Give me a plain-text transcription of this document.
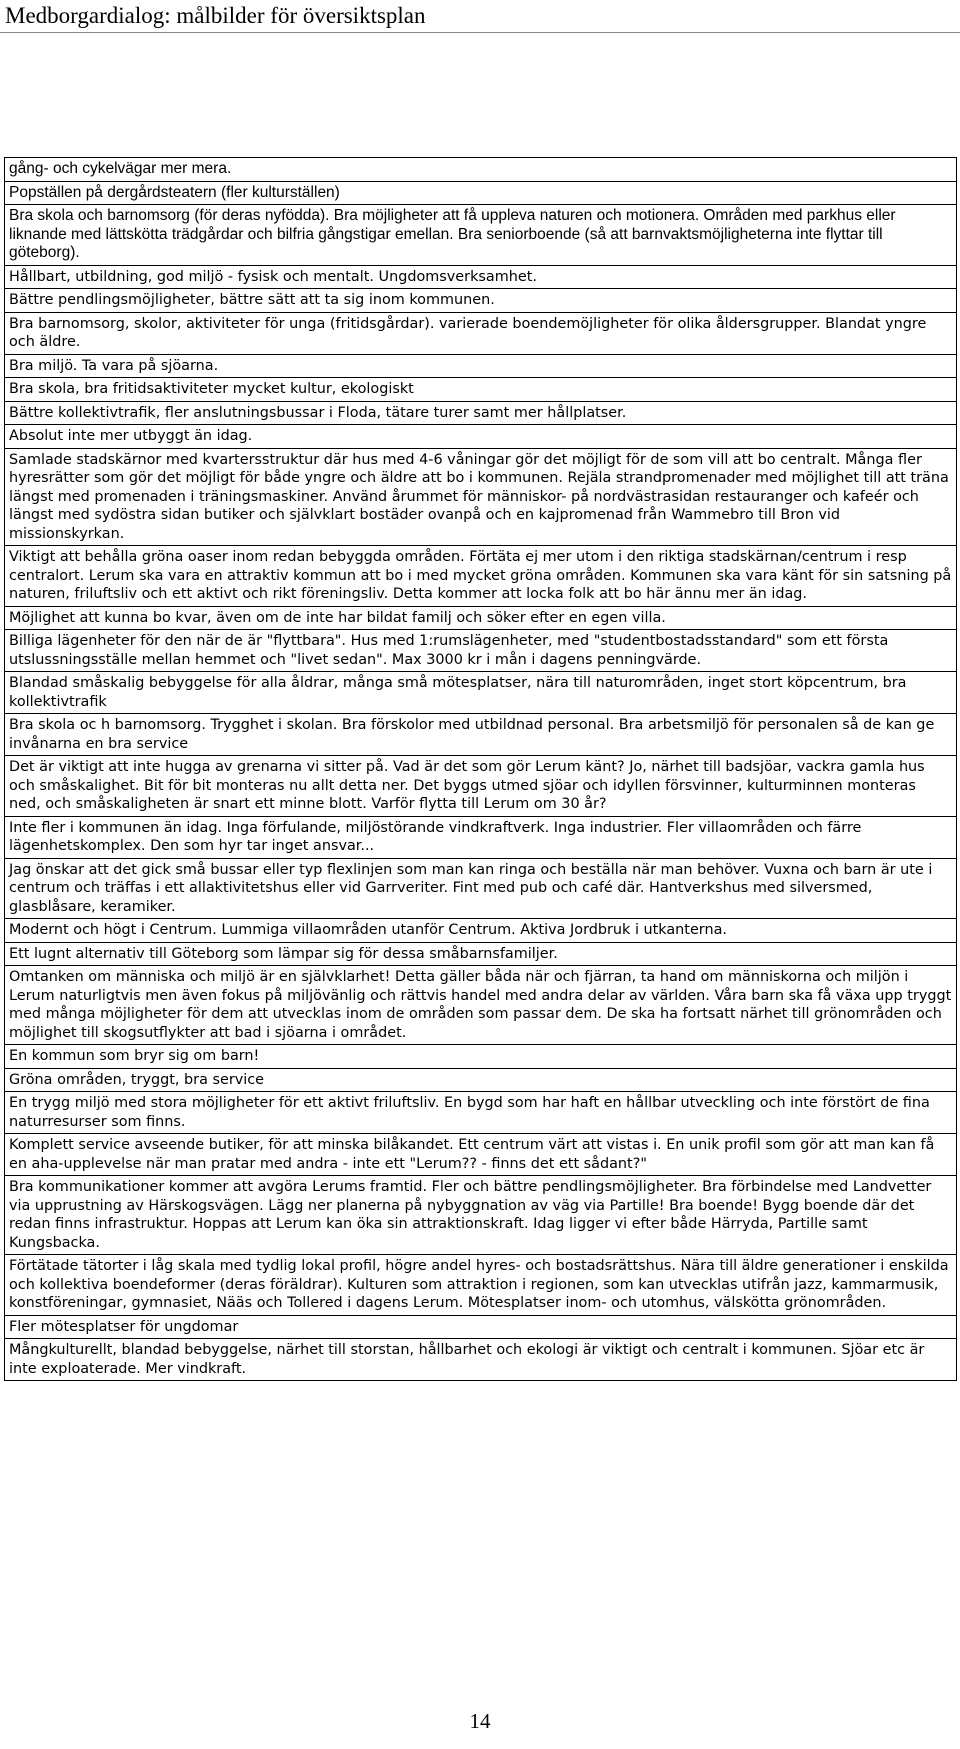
Medborgardialog: målbilder för översiktsplan
gång- och cykelvägar mer mera.
Popställen på dergårdsteatern (fler kulturställen)
Bra skola och barnomsorg (för deras nyfödda). Bra möjligheter att få uppleva naturen och motionera. Områden med parkhus eller liknande med lättskötta trädgårdar och bilfria gångstigar emellan. Bra seniorboende (så att barnvaktsmöjligheterna inte flyttar till göteborg).
Hållbart, utbildning, god miljö - fysisk och mentalt. Ungdomsverksamhet.
Bättre pendlingsmöjligheter, bättre sätt att ta sig inom kommunen.
Bra barnomsorg, skolor, aktiviteter för unga (fritidsgårdar). varierade boendemöjligheter för olika åldersgrupper. Blandat yngre och äldre.
Bra miljö. Ta vara på sjöarna.
Bra skola, bra fritidsaktiviteter mycket kultur, ekologiskt
Bättre kollektivtrafik, fler anslutningsbussar i Floda, tätare turer samt mer hållplatser.
Absolut inte mer utbyggt än idag.
Samlade stadskärnor med kvartersstruktur där hus med 4-6 våningar gör det möjligt för de som vill att bo centralt. Många fler hyresrätter som gör det möjligt för både yngre och äldre att bo i kommunen. Rejäla strandpromenader med möjlighet till att träna längst med promenaden i träningsmaskiner. Använd årummet för människor- på nordvästrasidan restauranger och kafeér och längst med sydöstra sidan butiker och självklart bostäder ovanpå och en kajpromenad från Wammebro till Bron vid missionskyrkan.
Viktigt att behålla gröna oaser inom redan bebyggda områden. Förtäta ej mer utom i den riktiga stadskärnan/centrum i resp centralort. Lerum ska vara en attraktiv kommun att bo i med mycket gröna områden. Kommunen ska vara känt för sin satsning på naturen, friluftsliv och ett aktivt och rikt föreningsliv. Detta kommer att locka folk att bo här ännu mer än idag.
Möjlighet att kunna bo kvar, även om de inte har bildat familj och söker efter en egen villa.
Billiga lägenheter för den när de är "flyttbara". Hus med 1:rumslägenheter, med "studentbostadsstandard" som ett första utslussningsställe mellan hemmet och "livet sedan". Max 3000 kr i mån i dagens penningvärde.
Blandad småskalig bebyggelse för alla åldrar, många små mötesplatser, nära till naturområden, inget stort köpcentrum, bra kollektivtrafik
Bra skola oc h barnomsorg. Trygghet i skolan. Bra förskolor med utbildnad personal. Bra arbetsmiljö för personalen så de kan ge invånarna en bra service
Det är viktigt att inte hugga av grenarna vi sitter på. Vad är det som gör Lerum känt? Jo, närhet till badsjöar, vackra gamla hus och småskalighet. Bit för bit monteras nu allt detta ner. Det byggs utmed sjöar och idyllen försvinner, kulturminnen monteras ned, och småskaligheten är snart ett minne blott. Varför flytta till Lerum om 30 år?
Inte fler i kommunen än idag. Inga förfulande, miljöstörande vindkraftverk. Inga industrier. Fler villaområden och färre lägenhetskomplex. Den som hyr tar inget ansvar...
Jag önskar att det gick små bussar eller typ flexlinjen som man kan ringa och beställa när man behöver. Vuxna och barn är ute i centrum och träffas i ett allaktivitetshus eller vid Garrveriter. Fint med pub och café där. Hantverkshus med silversmed, glasblåsare, keramiker.
Modernt och högt i Centrum. Lummiga villaområden utanför Centrum. Aktiva Jordbruk i utkanterna.
Ett lugnt alternativ till Göteborg som lämpar sig för dessa småbarnsfamiljer.
Omtanken om människa och miljö är en självklarhet! Detta gäller båda när och fjärran, ta hand om människorna och miljön i Lerum naturligtvis men även fokus på miljövänlig och rättvis handel med andra delar av världen. Våra barn ska få växa upp tryggt med många möjligheter för dem att utvecklas inom de områden som passar dem. De ska ha fortsatt närhet till grönområden och möjlighet till skogsutflykter att bad i sjöarna i området.
En kommun som bryr sig om barn!
Gröna områden, tryggt, bra service
En trygg miljö med stora möjligheter för ett aktivt friluftsliv. En bygd som har haft en hållbar utveckling och inte förstört de fina naturresurser som finns.
Komplett service avseende butiker, för att minska bilåkandet. Ett centrum värt att vistas i. En unik profil som gör att man kan få en aha-upplevelse när man pratar med andra - inte ett "Lerum?? - finns det ett sådant?"
Bra kommunikationer kommer att avgöra Lerums framtid. Fler och bättre pendlingsmöjligheter. Bra förbindelse med Landvetter via upprustning av Härskogsvägen. Lägg ner planerna på nybyggnation av väg via Partille! Bra boende! Bygg boende där det redan finns infrastruktur. Hoppas att Lerum kan öka sin attraktionskraft. Idag ligger vi efter både Härryda, Partille samt Kungsbacka.
Förtätade tätorter i låg skala med tydlig lokal profil, högre andel hyres- och bostadsrättshus. Nära till äldre generationer i enskilda och kollektiva boendeformer (deras föräldrar). Kulturen som attraktion i regionen, som kan utvecklas utifrån jazz, kammarmusik, konstföreningar, gymnasiet, Nääs och Tollered i dagens Lerum. Mötesplatser inom- och utomhus, välskötta grönområden.
Fler mötesplatser för ungdomar
Mångkulturellt, blandad bebyggelse, närhet till storstan, hållbarhet och ekologi är viktigt och centralt i kommunen. Sjöar etc är inte exploaterade. Mer vindkraft.
14
